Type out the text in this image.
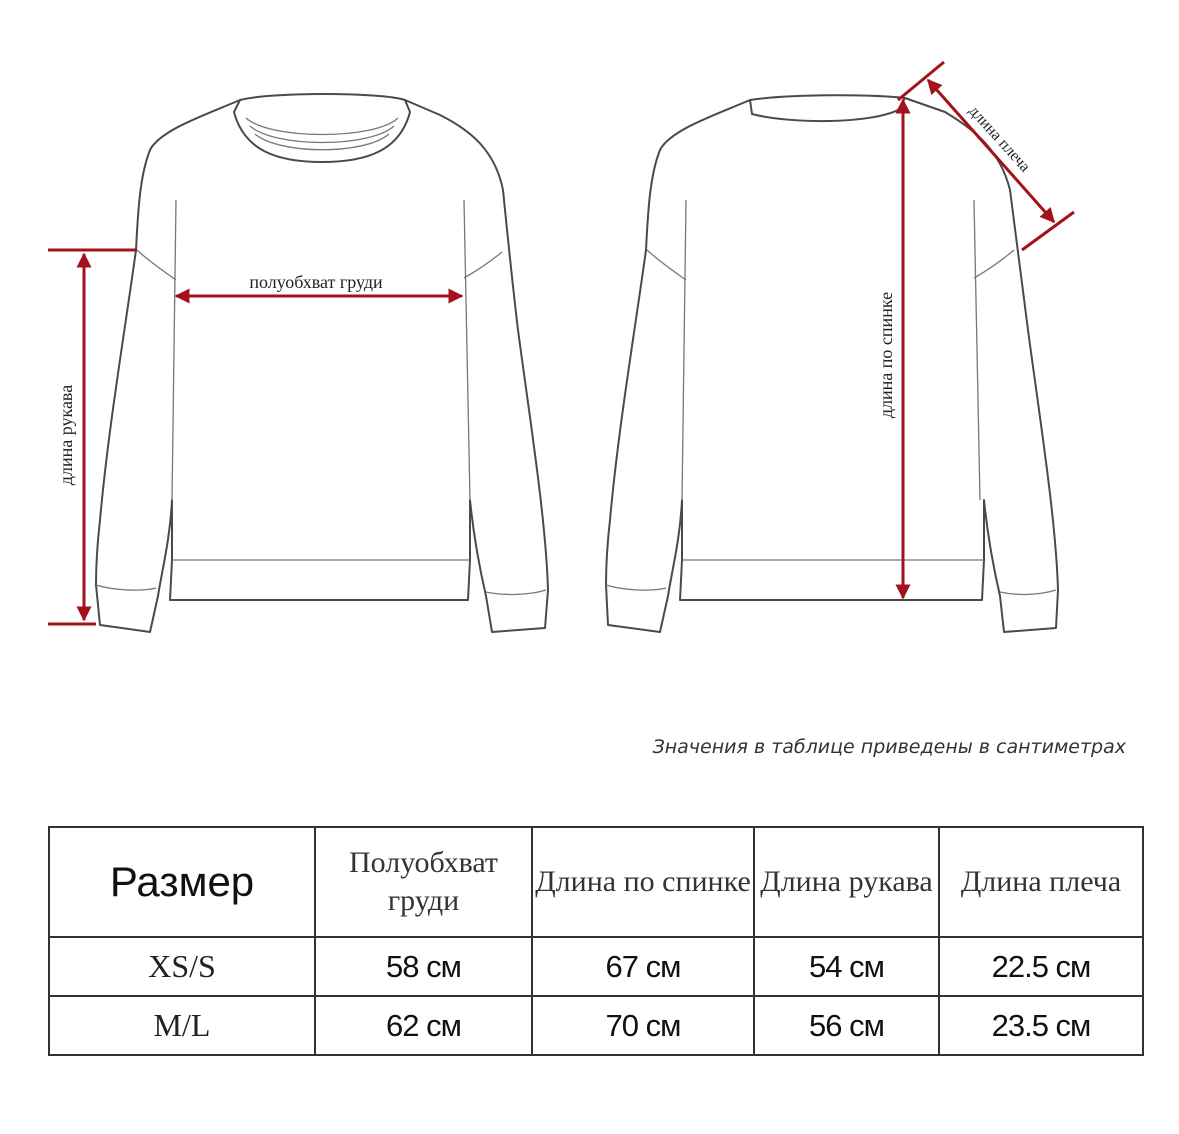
полуобхват груди
длина рукава
длина по спинке
длина плеча
Значения в таблице приведены в сантиметрах
Размер	Полуобхват груди	Длина по спинке	Длина рукава	Длина плеча
XS/S	58 см	67 см	54 см	22.5 см
M/L	62 см	70 см	56 см	23.5 см
